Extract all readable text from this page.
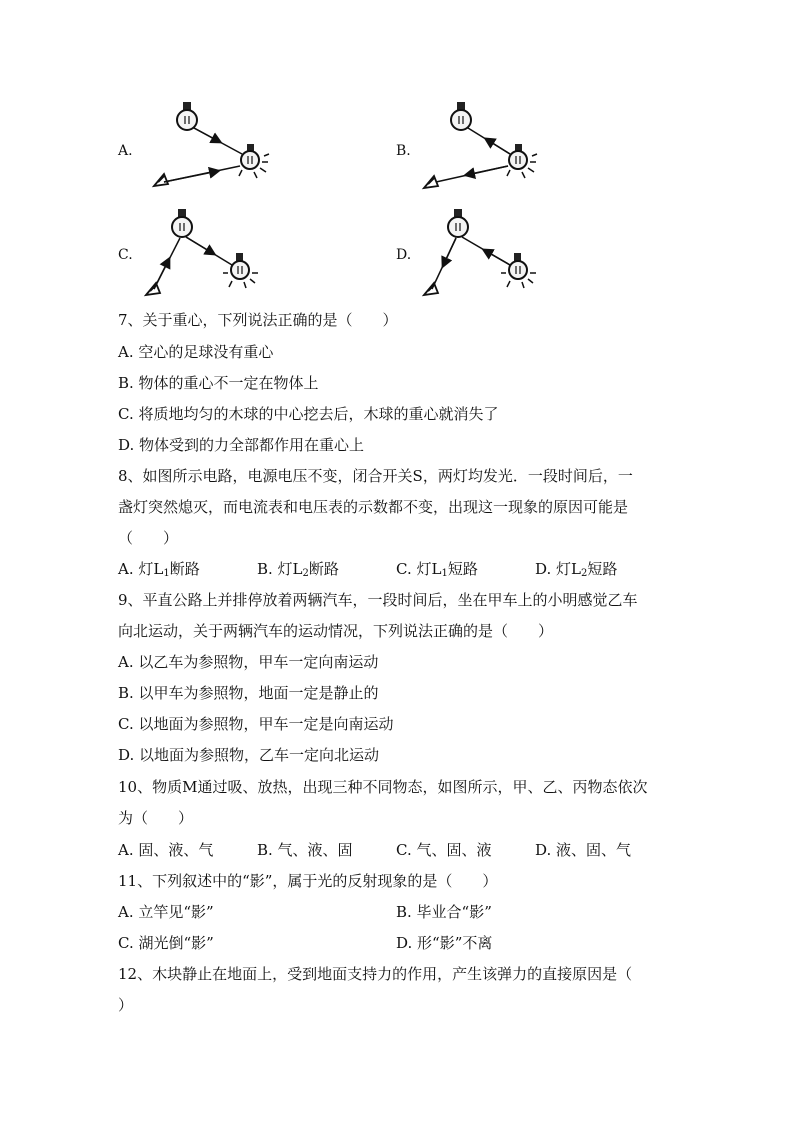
A.	B.
C.	D.
7、关于重心，下列说法正确的是（　　）
A. 空心的足球没有重心
B. 物体的重心不一定在物体上
C. 将质地均匀的木球的中心挖去后，木球的重心就消失了
D. 物体受到的力全部都作用在重心上
8、如图所示电路，电源电压不变，闭合开关S，两灯均发光．一段时间后，一
盏灯突然熄灭，而电流表和电压表的示数都不变，出现这一现象的原因可能是
（　　）
A. 灯$L_1$断路	B. 灯$L_2$断路	C. 灯$L_1$短路	D. 灯$L_2$短路
9、平直公路上并排停放着两辆汽车，一段时间后，坐在甲车上的小明感觉乙车
向北运动，关于两辆汽车的运动情况，下列说法正确的是（　　）
A. 以乙车为参照物，甲车一定向南运动
B. 以甲车为参照物，地面一定是静止的
C. 以地面为参照物，甲车一定是向南运动
D. 以地面为参照物，乙车一定向北运动
10、物质M通过吸、放热，出现三种不同物态，如图所示，甲、乙、丙物态依次
为（　　）
A. 固、液、气	B. 气、液、固	C. 气、固、液	D. 液、固、气
11、下列叙述中的“影”，属于光的反射现象的是（　　）
A. 立竿见“影”	B. 毕业合“影”
C. 湖光倒“影”	D. 形“影”不离
12、木块静止在地面上，受到地面支持力的作用，产生该弹力的直接原因是（
）
